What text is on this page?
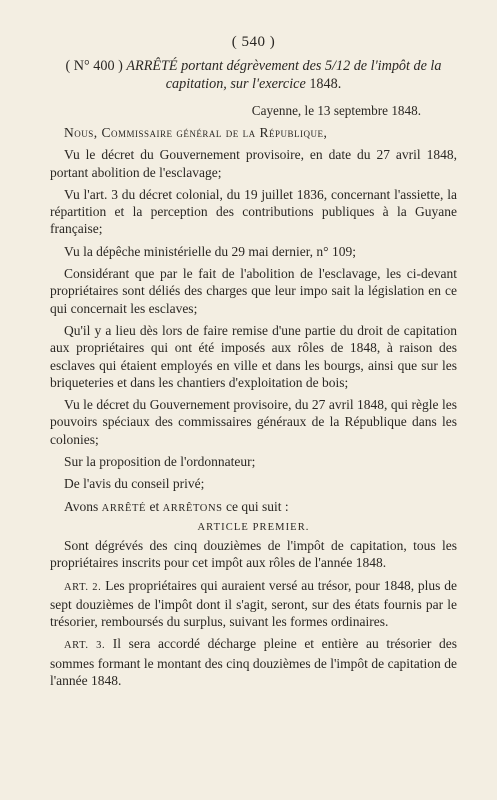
( 540 )
( N° 400 ) ARRÊTÉ portant dégrèvement des 5/12 de l'impôt de la capitation, sur l'exercice 1848.
Cayenne, le 13 septembre 1848.

Nous, Commissaire général de la République,

Vu le décret du Gouvernement provisoire, en date du 27 avril 1848, portant abolition de l'esclavage;

Vu l'art. 3 du décret colonial, du 19 juillet 1836, concernant l'assiette, la répartition et la perception des contributions publiques à la Guyane française;

Vu la dépêche ministérielle du 29 mai dernier, n° 109;

Considérant que par le fait de l'abolition de l'esclavage, les ci-devant propriétaires sont déliés des charges que leur impo sait la législation en ce qui concernait les esclaves;

Qu'il y a lieu dès lors de faire remise d'une partie du droit de capitation aux propriétaires qui ont été imposés aux rôles de 1848, à raison des esclaves qui étaient employés en ville et dans les bourgs, ainsi que sur les briqueteries et dans les chantiers d'exploitation de bois;

Vu le décret du Gouvernement provisoire, du 27 avril 1848, qui règle les pouvoirs spéciaux des commissaires généraux de la République dans les colonies;

Sur la proposition de l'ordonnateur;

De l'avis du conseil privé;

Avons ARRÊTÉ et ARRÊTONS ce qui suit :

ARTICLE PREMIER.

Sont dégrévés des cinq douzièmes de l'impôt de capitation, tous les propriétaires inscrits pour cet impôt aux rôles de l'année 1848.

ART. 2. Les propriétaires qui auraient versé au trésor, pour 1848, plus de sept douzièmes de l'impôt dont il s'agit, seront, sur des états fournis par le trésorier, remboursés du surplus, suivant les formes ordinaires.

ART. 3. Il sera accordé décharge pleine et entière au trésorier des sommes formant le montant des cinq douzièmes de l'impôt de capitation de l'année 1848.
